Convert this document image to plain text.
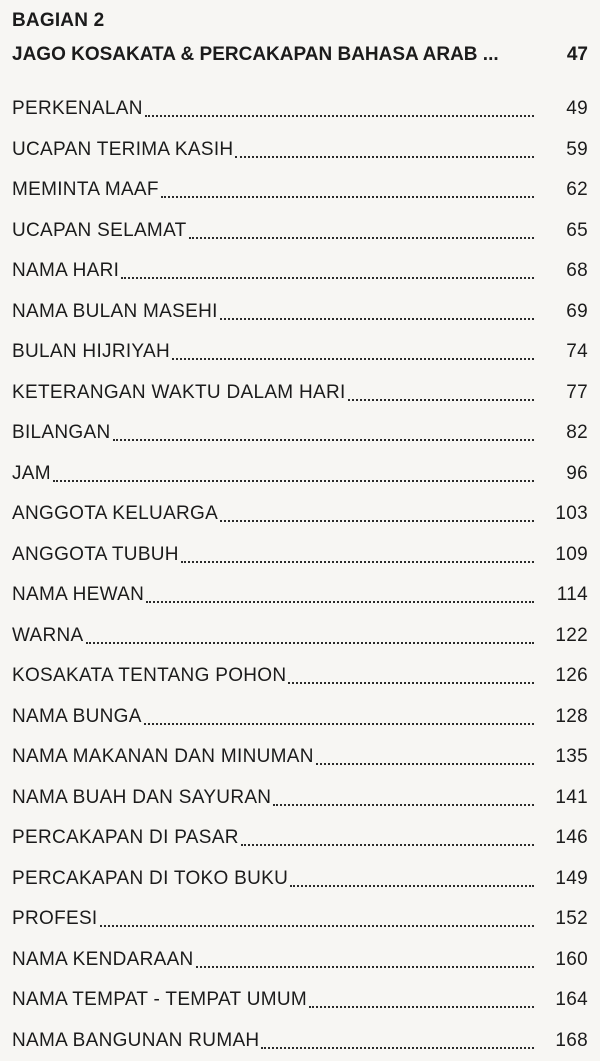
BAGIAN 2
JAGO KOSAKATA & PERCAKAPAN BAHASA ARAB ...	47
PERKENALAN	49
UCAPAN TERIMA KASIH	59
MEMINTA MAAF	62
UCAPAN SELAMAT	65
NAMA HARI	68
NAMA BULAN MASEHI	69
BULAN HIJRIYAH	74
KETERANGAN WAKTU DALAM HARI	77
BILANGAN	82
JAM	96
ANGGOTA KELUARGA	103
ANGGOTA TUBUH	109
NAMA HEWAN	114
WARNA	122
KOSAKATA TENTANG POHON	126
NAMA BUNGA	128
NAMA MAKANAN DAN MINUMAN	135
NAMA BUAH DAN SAYURAN	141
PERCAKAPAN DI PASAR	146
PERCAKAPAN DI TOKO BUKU	149
PROFESI	152
NAMA KENDARAAN	160
NAMA TEMPAT - TEMPAT UMUM	164
NAMA BANGUNAN RUMAH	168
